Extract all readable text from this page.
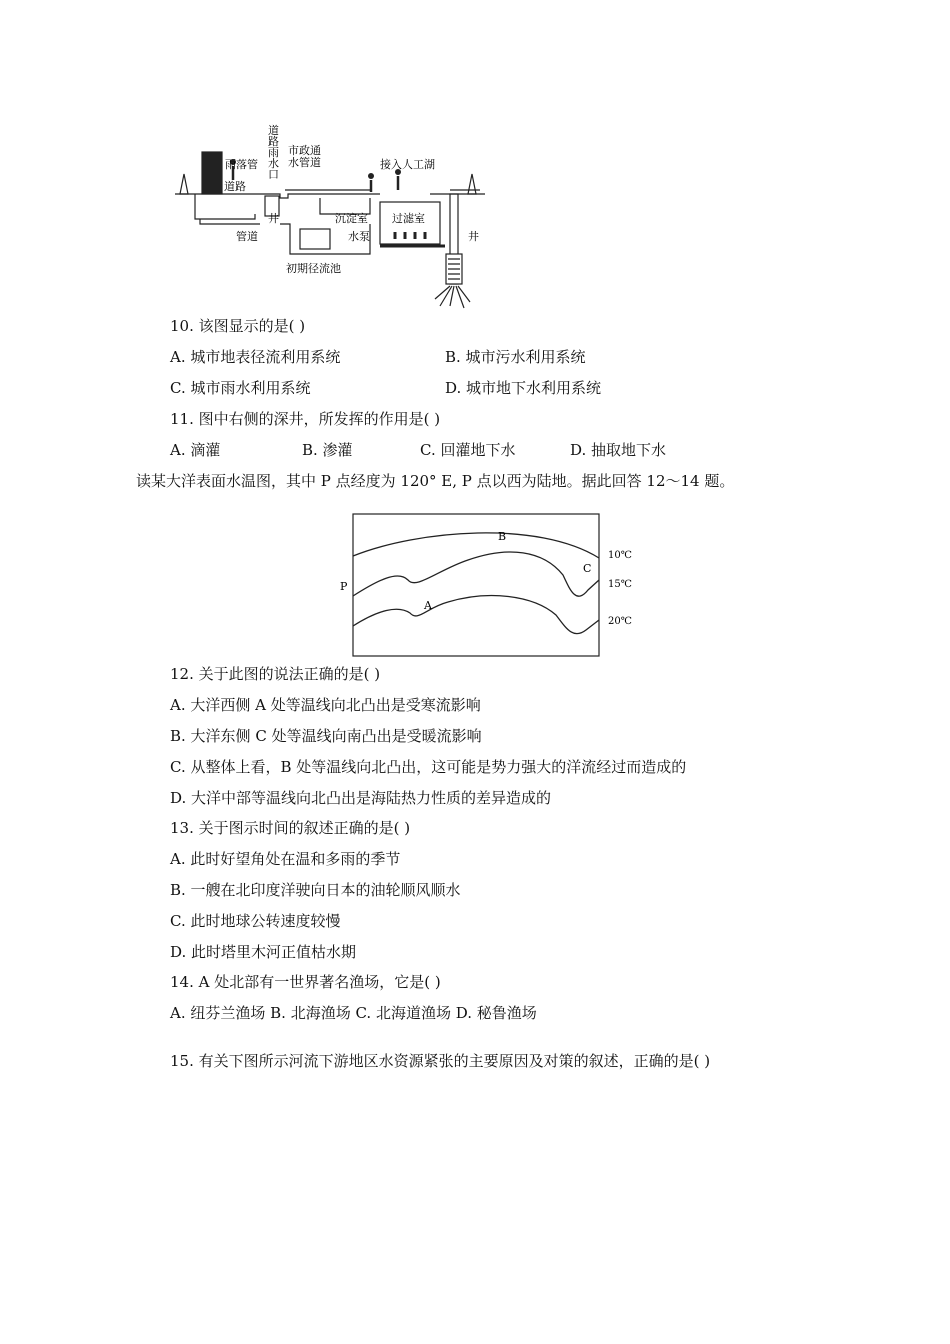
道路雨水口
市政通
水管道
雨落管
道路
井
管道
沉淀室
水泵
初期径流池
过滤室
接入人工湖
井
10. 该图显示的是( )
A. 城市地表径流利用系统	B. 城市污水利用系统
C. 城市雨水利用系统	D. 城市地下水利用系统
11. 图中右侧的深井，所发挥的作用是( )
A. 滴灌	B. 渗灌	C. 回灌地下水	D. 抽取地下水
读某大洋表面水温图，其中 P 点经度为 120° E, P 点以西为陆地。据此回答 12～14 题。
P
A
B
C
10℃
15℃
20℃
12. 关于此图的说法正确的是( )
A. 大洋西侧 A 处等温线向北凸出是受寒流影响
B. 大洋东侧 C 处等温线向南凸出是受暖流影响
C. 从整体上看，B 处等温线向北凸出，这可能是势力强大的洋流经过而造成的
D. 大洋中部等温线向北凸出是海陆热力性质的差异造成的
13. 关于图示时间的叙述正确的是( )
A. 此时好望角处在温和多雨的季节
B. 一艘在北印度洋驶向日本的油轮顺风顺水
C. 此时地球公转速度较慢
D. 此时塔里木河正值枯水期
14. A 处北部有一世界著名渔场，它是( )
A. 纽芬兰渔场 B. 北海渔场 C. 北海道渔场 D. 秘鲁渔场
15. 有关下图所示河流下游地区水资源紧张的主要原因及对策的叙述，正确的是( )
